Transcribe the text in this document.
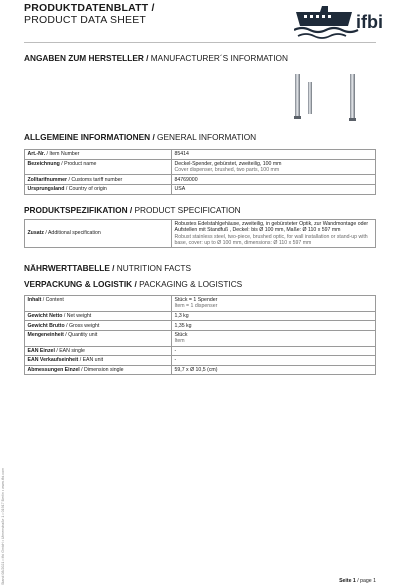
PRODUKTDATENBLATT /
PRODUCT DATA SHEET	ifbi
ANGABEN ZUM HERSTELLER / MANUFACTURER´S INFORMATION
ALLGEMEINE INFORMATIONEN / GENERAL INFORMATION
Art.-Nr. / Item Number	85414
Bezeichnung / Product name	Deckel-Spender, gebürstet, zweiteilig, 100 mm
Cover dispenser, brushed, two parts, 100 mm

Zolltarifnummer / Customs tariff number	84769000
Ursprungsland / Country of origin	USA
PRODUKTSPEZIFIKATION / PRODUCT SPECIFICATION
Zusatz / Additional specification	Robustes Edelstahlgehäuse, zweiteilig, in gebürsteter Optik, zur Wandmontage oder Aufstellen mit Standfuß , Deckel: bis Ø 100 mm, Maße: Ø 110 x 597 mm
Robust stainless steel, two-piece, brushed optic, for wall installation or stand-up with base, cover: up to Ø 100 mm, dimensions: Ø 110 x 597 mm
NÄHRWERTTABELLE / NUTRITION FACTS
VERPACKUNG & LOGISTIK / PACKAGING & LOGISTICS
Inhalt / Content	Stück = 1 Spender
Item = 1 dispenser

Gewicht Netto / Net weight	1,3 kg
Gewicht Brutto / Gross weight	1,35 kg
Mengeneinheit / Quantity unit	Stück
Item

EAN Einzel / EAN single	-
EAN Verkaufseinheit / EAN unit	-
Abmessungen Einzel / Dimension single	59,7 x Ø 10,5 (cm)
Stand 08/2021 • ifbi GmbH • Ulmenstraße 1 • 01917 Berlin • www.ifbi.com	Seite 1 / page 1
